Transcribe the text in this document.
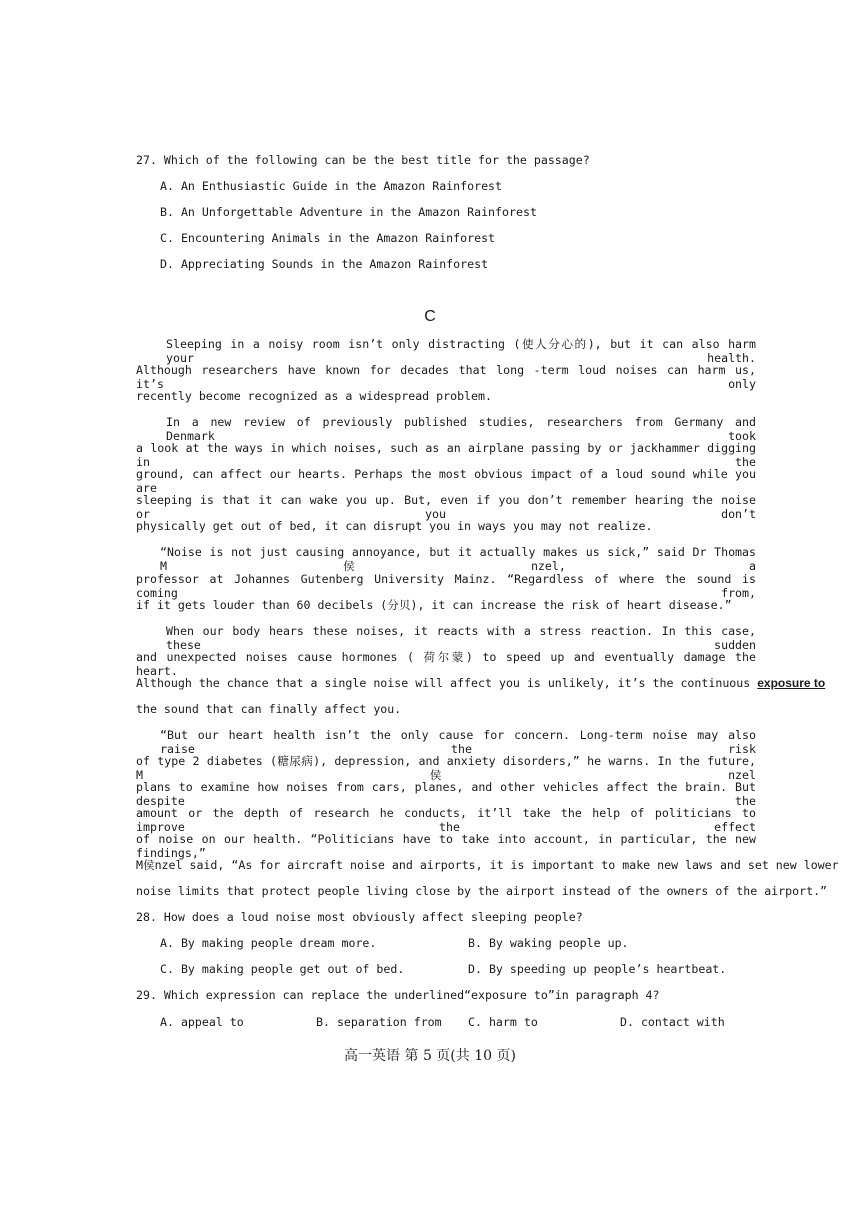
27. Which of the following can be the best title for the passage?
A. An Enthusiastic Guide in the Amazon Rainforest
B. An Unforgettable Adventure in the Amazon Rainforest
C. Encountering Animals in the Amazon Rainforest
D. Appreciating Sounds in the Amazon Rainforest
C
Sleeping in a noisy room isn’t only distracting (使人分心的), but it can also harm your health.
Although researchers have known for decades that long -term loud noises can harm us, it’s only
recently become recognized as a widespread problem.
In a new review of previously published studies, researchers from Germany and Denmark took
a look at the ways in which noises, such as an airplane passing by or jackhammer digging in the
ground, can affect our hearts. Perhaps the most obvious impact of a loud sound while you are
sleeping is that it can wake you up. But, even if you don’t remember hearing the noise or you don’t
physically get out of bed, it can disrupt you in ways you may not realize.
“Noise is not just causing annoyance, but it actually makes us sick,” said Dr Thomas M侯nzel, a
professor at Johannes Gutenberg University Mainz. “Regardless of where the sound is coming from,
if it gets louder than 60 decibels (分贝), it can increase the risk of heart disease.”
When our body hears these noises, it reacts with a stress reaction. In this case, these sudden
and unexpected noises cause hormones ( 荷尔蒙) to speed up and eventually damage the heart.
Although the chance that a single noise will affect you is unlikely, it’s the continuous exposure to
the sound that can finally affect you.
“But our heart health isn’t the only cause for concern. Long-term noise may also raise the risk
of type 2 diabetes (糖尿病), depression, and anxiety disorders,” he warns. In the future, M侯nzel
plans to examine how noises from cars, planes, and other vehicles affect the brain. But despite the
amount or the depth of research he conducts, it’ll take the help of politicians to improve the effect
of noise on our health. “Politicians have to take into account, in particular, the new findings,”
M侯nzel said, “As for aircraft noise and airports, it is important to make new laws and set new lower
noise limits that protect people living close by the airport instead of the owners of the airport.”
28. How does a loud noise most obviously affect sleeping people?
A. By making people dream more.	B. By waking people up.
C. By making people get out of bed.	D. By speeding up people’s heartbeat.
29. Which expression can replace the underlined“exposure to”in paragraph 4?
A. appeal to	B. separation from C. harm to	D. contact with
高一英语 第 5 页(共 10 页)
